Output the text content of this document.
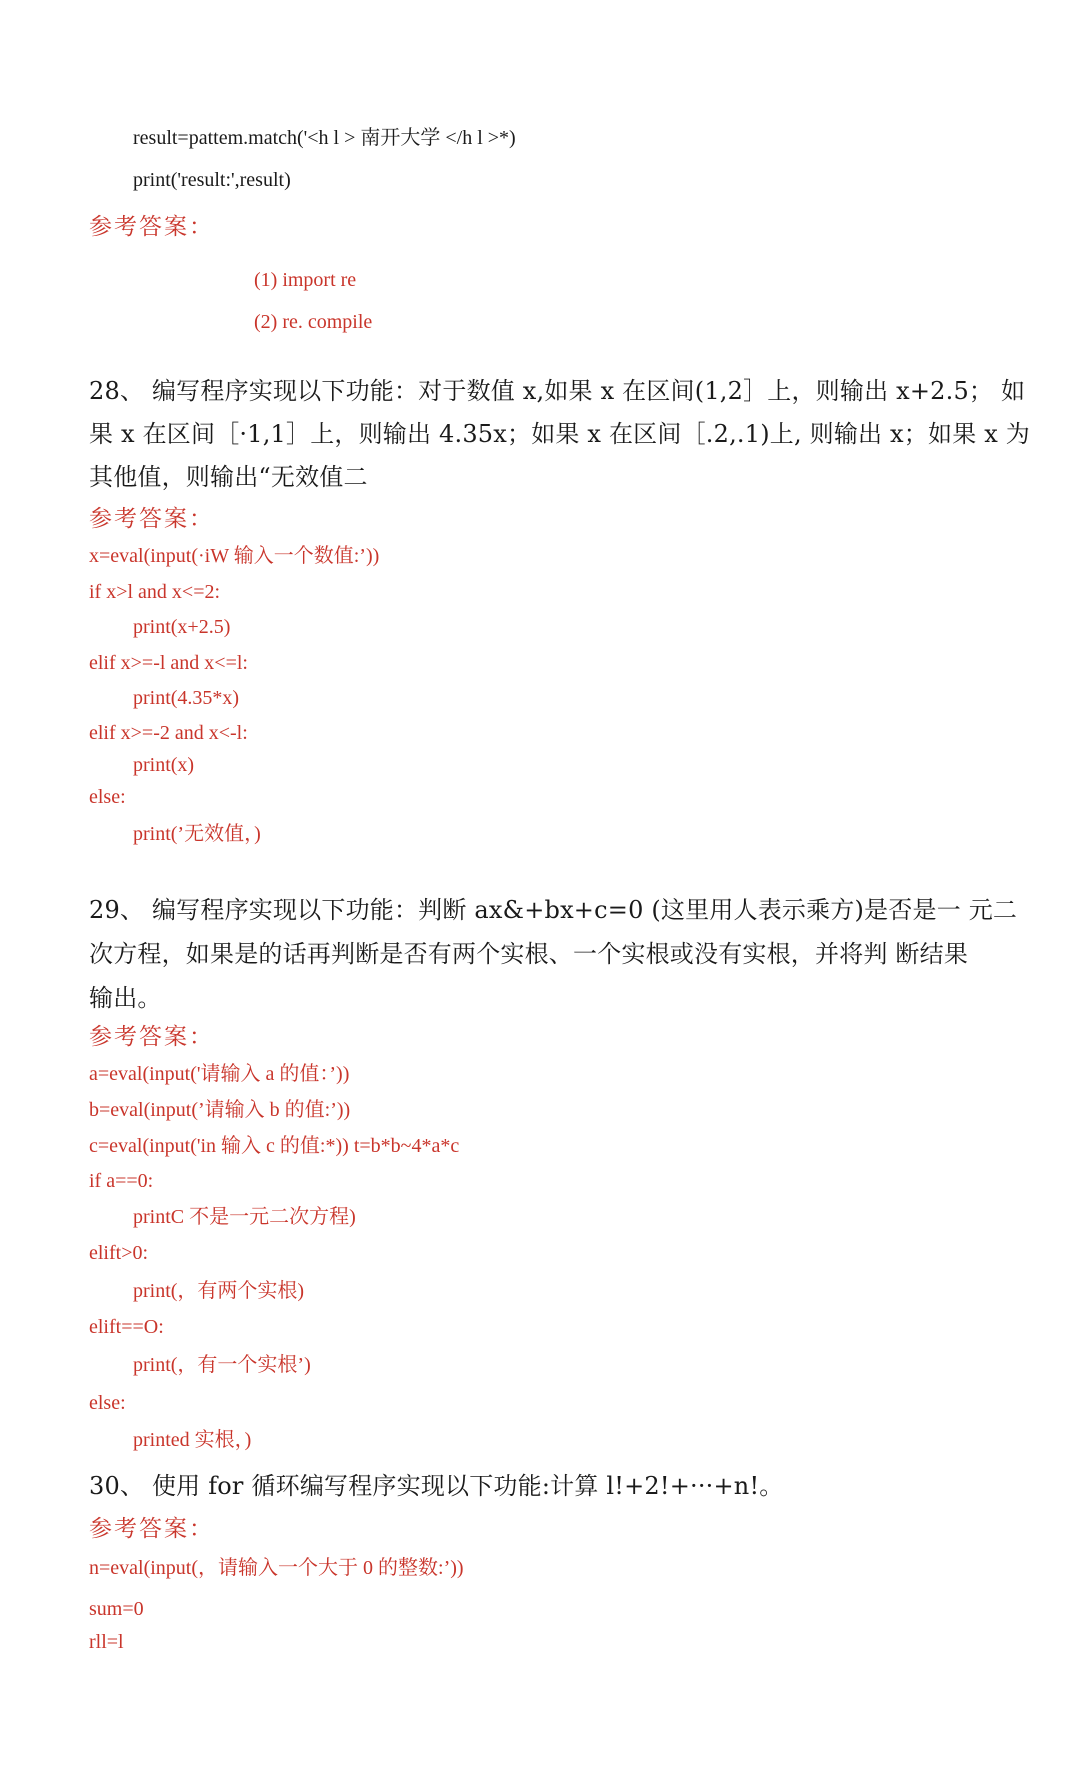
result=pattem.match('<h l > 南开大学 </h l >*)
print('result:',result)
参考答案：
(1) import re
(2) re. compile
28、 编写程序实现以下功能：对于数值 x,如果 x 在区间(1,2］上，则输出 x+2.5； 如
果 x 在区间［·1,1］上，则输出 4.35x；如果 x 在区间［.2,.1)上, 则输出 x；如果 x 为
其他值，则输出“无效值二
参考答案：
x=eval(input(·iW 输入一个数值:’))
if x>l and x<=2:
print(x+2.5)
elif x>=-l and x<=l:
print(4.35*x)
elif x>=-2 and x<-l:
print(x)
else:
print(’无效值，)
29、 编写程序实现以下功能：判断 ax&+bx+c=0 (这里用人表示乘方)是否是一 元二
次方程，如果是的话再判断是否有两个实根、一个实根或没有实根，并将判 断结果
输出。
参考答案：
a=eval(input('请输入 a 的值：’))
b=eval(input(’请输入 b 的值:’))
c=eval(input('in 输入 c 的值:*)) t=b*b~4*a*c
if a==0:
printC 不是一元二次方程)
elift>0:
print(，有两个实根)
elift==O:
print(，有一个实根’)
else:
printed 实根，)
30、 使用 for 循环编写程序实现以下功能:计算 l!+2!+···+n!。
参考答案：
n=eval(input(，请输入一个大于 0 的整数:’))
sum=0
rll=l
